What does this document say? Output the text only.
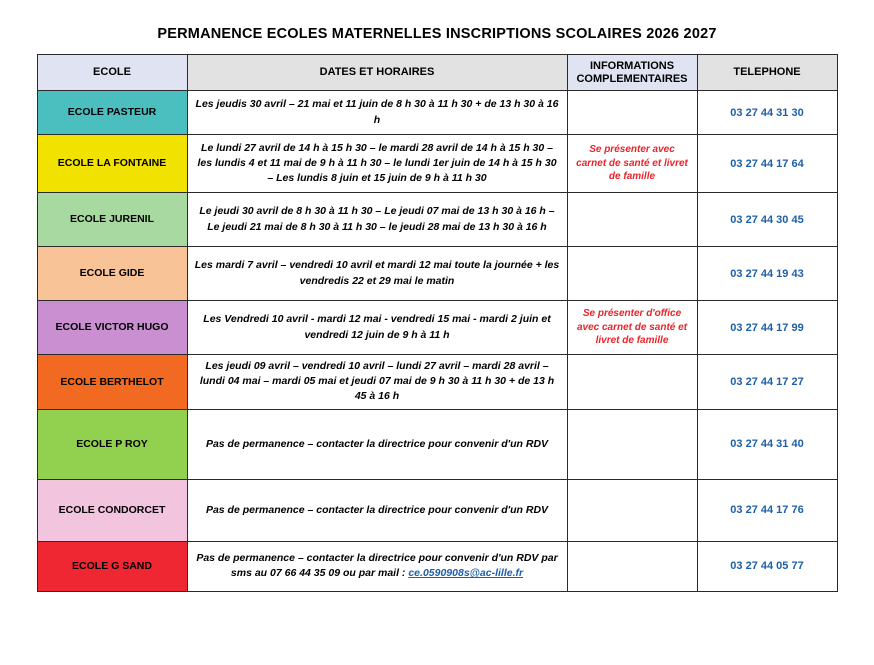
PERMANENCE ECOLES MATERNELLES INSCRIPTIONS SCOLAIRES 2026 2027
ECOLE	DATES ET HORAIRES	INFORMATIONS COMPLEMENTAIRES	TELEPHONE
ECOLE PASTEUR	Les jeudis 30 avril – 21 mai et 11 juin de 8 h 30 à 11 h 30 + de 13 h 30 à 16 h		03 27 44 31 30
ECOLE LA FONTAINE	Le lundi 27 avril de 14 h à 15 h 30 – le mardi 28 avril de 14 h à 15 h 30 – les lundis 4 et 11 mai de 9 h à 11 h 30 – le lundi 1er juin de 14 h à 15 h 30 – Les lundis 8 juin et 15 juin de 9 h à 11 h 30	Se présenter avec carnet de santé et livret de famille	03 27 44 17 64
ECOLE JURENIL	Le jeudi 30 avril de 8 h 30 à 11 h 30 – Le jeudi 07 mai de 13 h 30 à 16 h – Le jeudi 21 mai de 8 h 30 à 11 h 30 – le jeudi 28 mai de 13 h 30 à 16 h		03 27 44 30 45
ECOLE GIDE	Les mardi 7 avril – vendredi 10 avril et mardi 12 mai toute la journée + les vendredis 22 et 29 mai le matin		03 27 44 19 43
ECOLE VICTOR HUGO	Les Vendredi 10 avril - mardi 12 mai - vendredi 15 mai - mardi 2 juin et vendredi 12 juin de 9 h à 11 h	Se présenter d'office avec carnet de santé et livret de famille	03 27 44 17 99
ECOLE BERTHELOT	Les jeudi 09 avril – vendredi 10 avril – lundi 27 avril – mardi 28 avril – lundi 04 mai – mardi 05 mai et jeudi 07 mai de 9 h 30 à 11 h 30 + de 13 h 45 à 16 h		03 27 44 17 27
ECOLE P ROY	Pas de permanence – contacter la directrice pour convenir d'un RDV		03 27 44 31 40
ECOLE CONDORCET	Pas de permanence – contacter la directrice pour convenir d'un RDV		03 27 44 17 76
ECOLE G SAND	Pas de permanence – contacter la directrice pour convenir d'un RDV par sms au 07 66 44 35 09 ou par mail : ce.0590908s@ac-lille.fr		03 27 44 05 77
